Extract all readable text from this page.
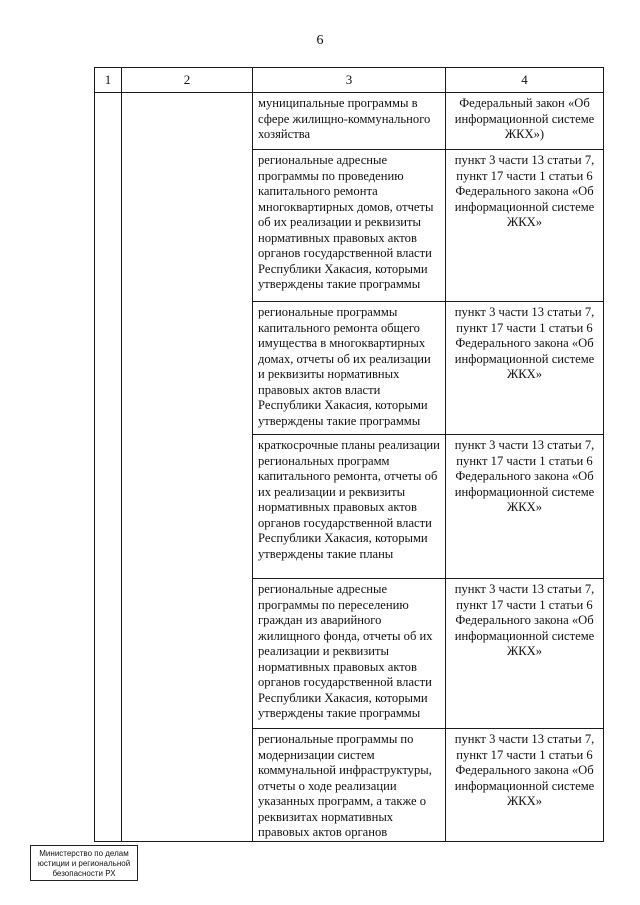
6
1	2	3	4
		муниципальные программы в сфере жилищно-коммунального хозяйства	Федеральный закон «Об информационной системе ЖКХ»)
		региональные адресные программы по проведению капитального ремонта многоквартирных домов, отчеты об их реализации и реквизиты нормативных правовых актов органов государственной власти Республики Хакасия, которыми утверждены такие программы	пункт 3 части 13 статьи 7, пункт 17 части 1 статьи 6 Федерального закона «Об информационной системе ЖКХ»
		региональные программы капитального ремонта общего имущества в многоквартирных домах, отчеты об их реализации и реквизиты нормативных правовых актов власти Республики Хакасия, которыми утверждены такие программы	пункт 3 части 13 статьи 7, пункт 17 части 1 статьи 6 Федерального закона «Об информационной системе ЖКХ»
		краткосрочные планы реализации региональных программ капитального ремонта, отчеты об их реализации и реквизиты нормативных правовых актов органов государственной власти Республики Хакасия, которыми утверждены такие планы	пункт 3 части 13 статьи 7, пункт 17 части 1 статьи 6 Федерального закона «Об информационной системе ЖКХ»
		региональные адресные программы по переселению граждан из аварийного жилищного фонда, отчеты об их реализации и реквизиты нормативных правовых актов органов государственной власти Республики Хакасия, которыми утверждены такие программы	пункт 3 части 13 статьи 7, пункт 17 части 1 статьи 6 Федерального закона «Об информационной системе ЖКХ»
		региональные программы по модернизации систем коммунальной инфраструктуры, отчеты о ходе реализации указанных программ, а также о реквизитах нормативных правовых актов органов	пункт 3 части 13 статьи 7, пункт 17 части 1 статьи 6 Федерального закона «Об информационной системе ЖКХ»
Министерство по делам
юстиции и региональной
безопасности РХ
